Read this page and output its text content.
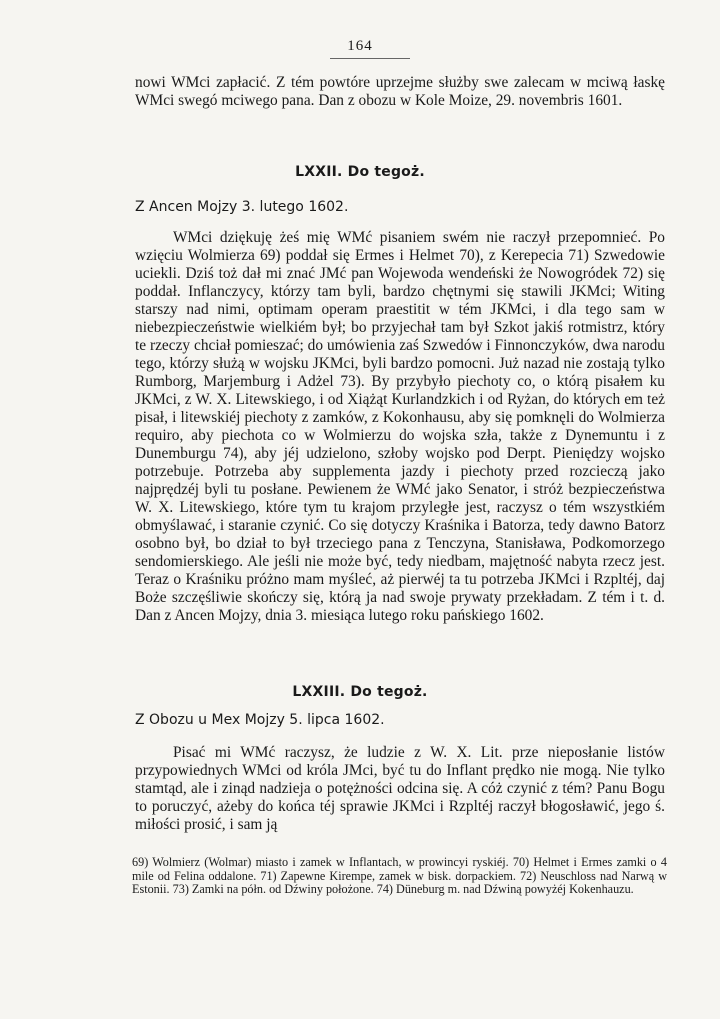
164

nowi WMci zapłacić. Z tém powtóre uprzejme służby swe zalecam w mciwą łaskę WMci swegó mciwego pana. Dan z obozu w Kole Moize, 29. novembris 1601.

LXXII. Do tegoż.
Z Ancen Mojzy 3. lutego 1602.

WMci dziękuję żeś mię WMć pisaniem swém nie raczył przepomnieć. Po wzięciu Wolmierza 69) poddał się Ermes i Helmet 70), z Kerepecia 71) Szwedowie uciekli. Dziś toż dał mi znać JMć pan Wojewoda wendeński że Nowogródek 72) się poddał. Inflanczycy, którzy tam byli, bardzo chętnymi się stawili JKMci; Witing starszy nad nimi, optimam operam praestitit w tém JKMci, i dla tego sam w niebezpieczeństwie wielkiém był; bo przyjechał tam był Szkot jakiś rotmistrz, który te rzeczy chciał pomieszać; do umówienia zaś Szwedów i Finnonczyków, dwa narodu tego, którzy służą w wojsku JKMci, byli bardzo pomocni. Już nazad nie zostają tylko Rumborg, Marjemburg i Adżel 73). By przybyło piechoty co, o którą pisałem ku JKMci, z W. X. Litewskiego, i od Xiążąt Kurlandzkich i od Ryżan, do których em też pisał, i litewskiéj piechoty z zamków, z Kokonhausu, aby się pomknęli do Wolmierza requiro, aby piechota co w Wolmierzu do wojska szła, także z Dynemuntu i z Dunemburgu 74), aby jéj udzielono, szłoby wojsko pod Derpt. Pieniędzy wojsko potrzebuje. Potrzeba aby supplementa jazdy i piechoty przed rozcieczą jako najprędzéj byli tu posłane. Pewienem że WMć jako Senator, i stróż bezpieczeństwa W. X. Litewskiego, które tym tu krajom przyległe jest, raczysz o tém wszystkiém obmyślawać, i staranie czynić. Co się dotyczy Kraśnika i Batorza, tedy dawno Batorz osobno był, bo dział to był trzeciego pana z Tenczyna, Stanisława, Podkomorzego sendomierskiego. Ale jeśli nie może być, tedy niedbam, majętność nabyta rzecz jest. Teraz o Kraśniku próżno mam myśleć, aż pierwéj ta tu potrzeba JKMci i Rzpltéj, daj Boże szczęśliwie skończy się, którą ja nad swoje prywaty przekładam. Z tém i t. d. Dan z Ancen Mojzy, dnia 3. miesiąca lutego roku pańskiego 1602.

LXXIII. Do tegoż.
Z Obozu u Mex Mojzy 5. lipca 1602.

Pisać mi WMć raczysz, że ludzie z W. X. Lit. prze nieposłanie listów przypowiednych WMci od króla JMci, być tu do Inflant prędko nie mogą. Nie tylko stamtąd, ale i zinąd nadzieja o potężności odcina się. A cóż czynić z tém? Panu Bogu to poruczyć, ażeby do końca téj sprawie JKMci i Rzpltéj raczył błogosławić, jego ś. miłości prosić, i sam ją

69) Wolmierz (Wolmar) miasto i zamek w Inflantach, w prowincyi ryskiéj. 70) Helmet i Ermes zamki o 4 mile od Felina oddalone. 71) Zapewne Kirempe, zamek w bisk. dorpackiem. 72) Neuschloss nad Narwą w Estonii. 73) Zamki na półn. od Dźwiny położone. 74) Düneburg m. nad Dźwiną powyżéj Kokenhauzu.
